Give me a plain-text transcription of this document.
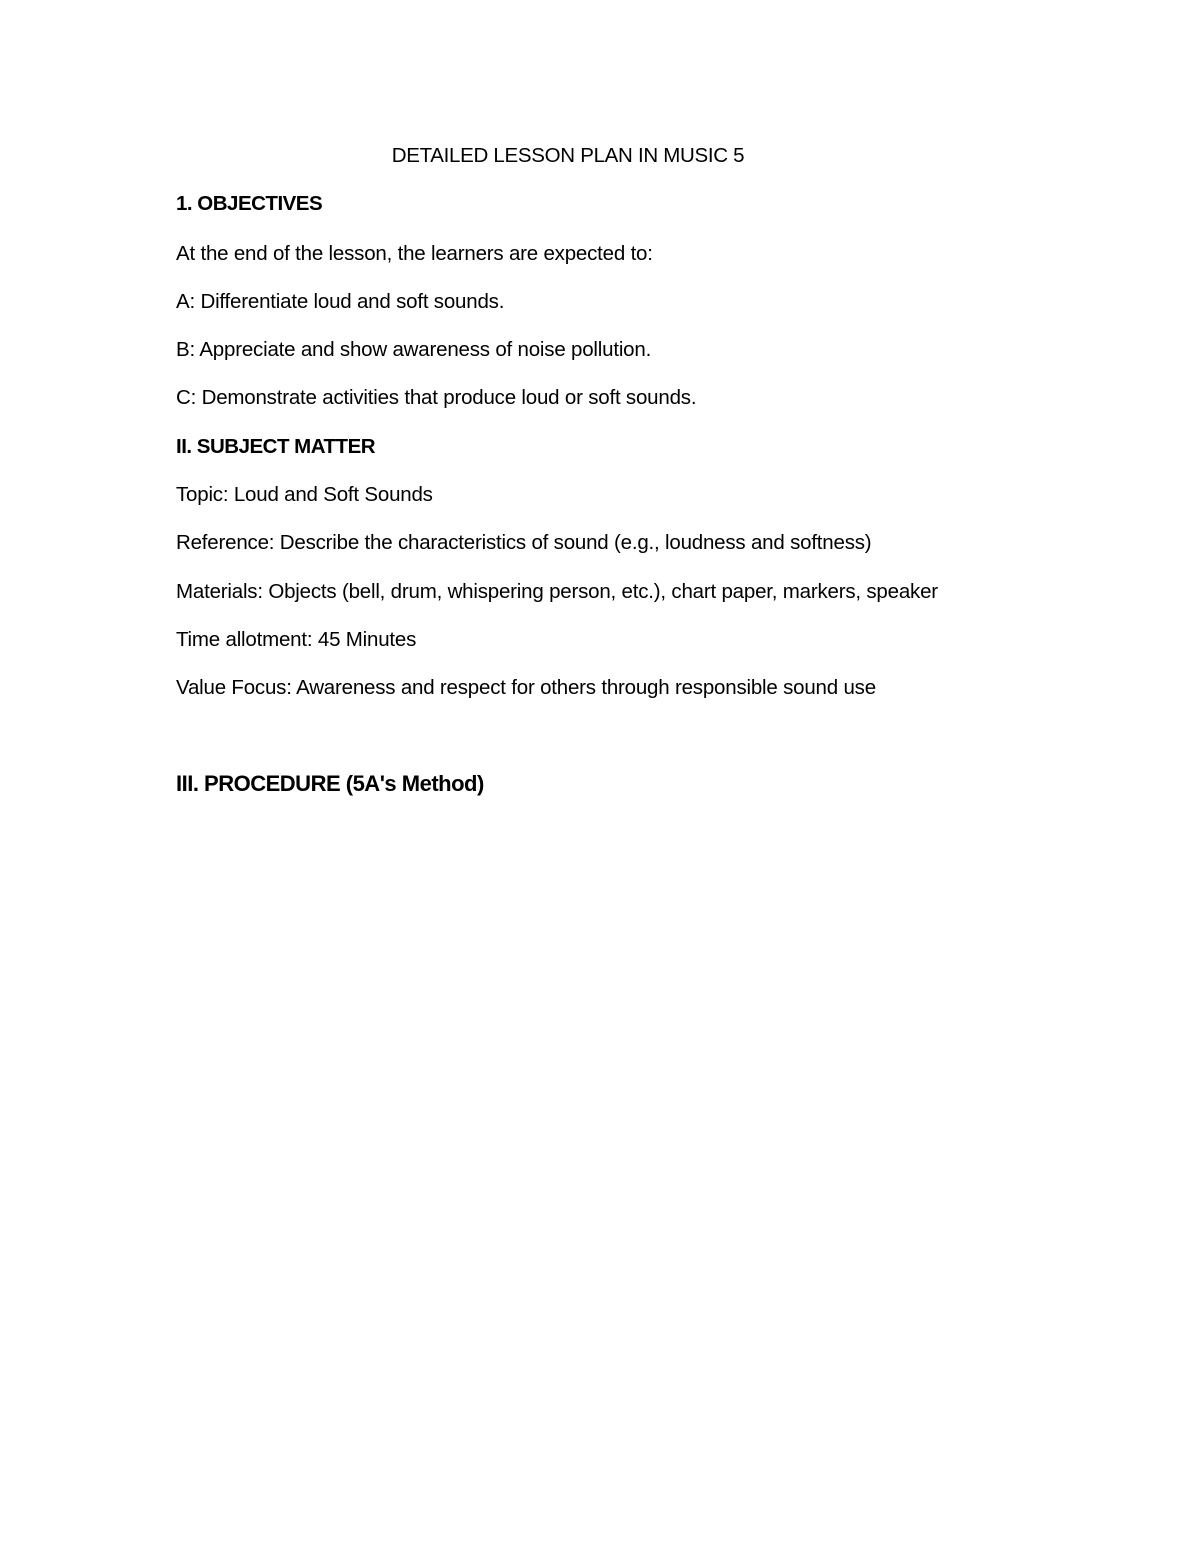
DETAILED LESSON PLAN IN MUSIC 5
1. OBJECTIVES
At the end of the lesson, the learners are expected to:
A: Differentiate loud and soft sounds.
B: Appreciate and show awareness of noise pollution.
C: Demonstrate activities that produce loud or soft sounds.
II. SUBJECT MATTER
Topic: Loud and Soft Sounds
Reference: Describe the characteristics of sound (e.g., loudness and softness)
Materials: Objects (bell, drum, whispering person, etc.), chart paper, markers, speaker
Time allotment: 45 Minutes
Value Focus: Awareness and respect for others through responsible sound use
III. PROCEDURE (5A's Method)
